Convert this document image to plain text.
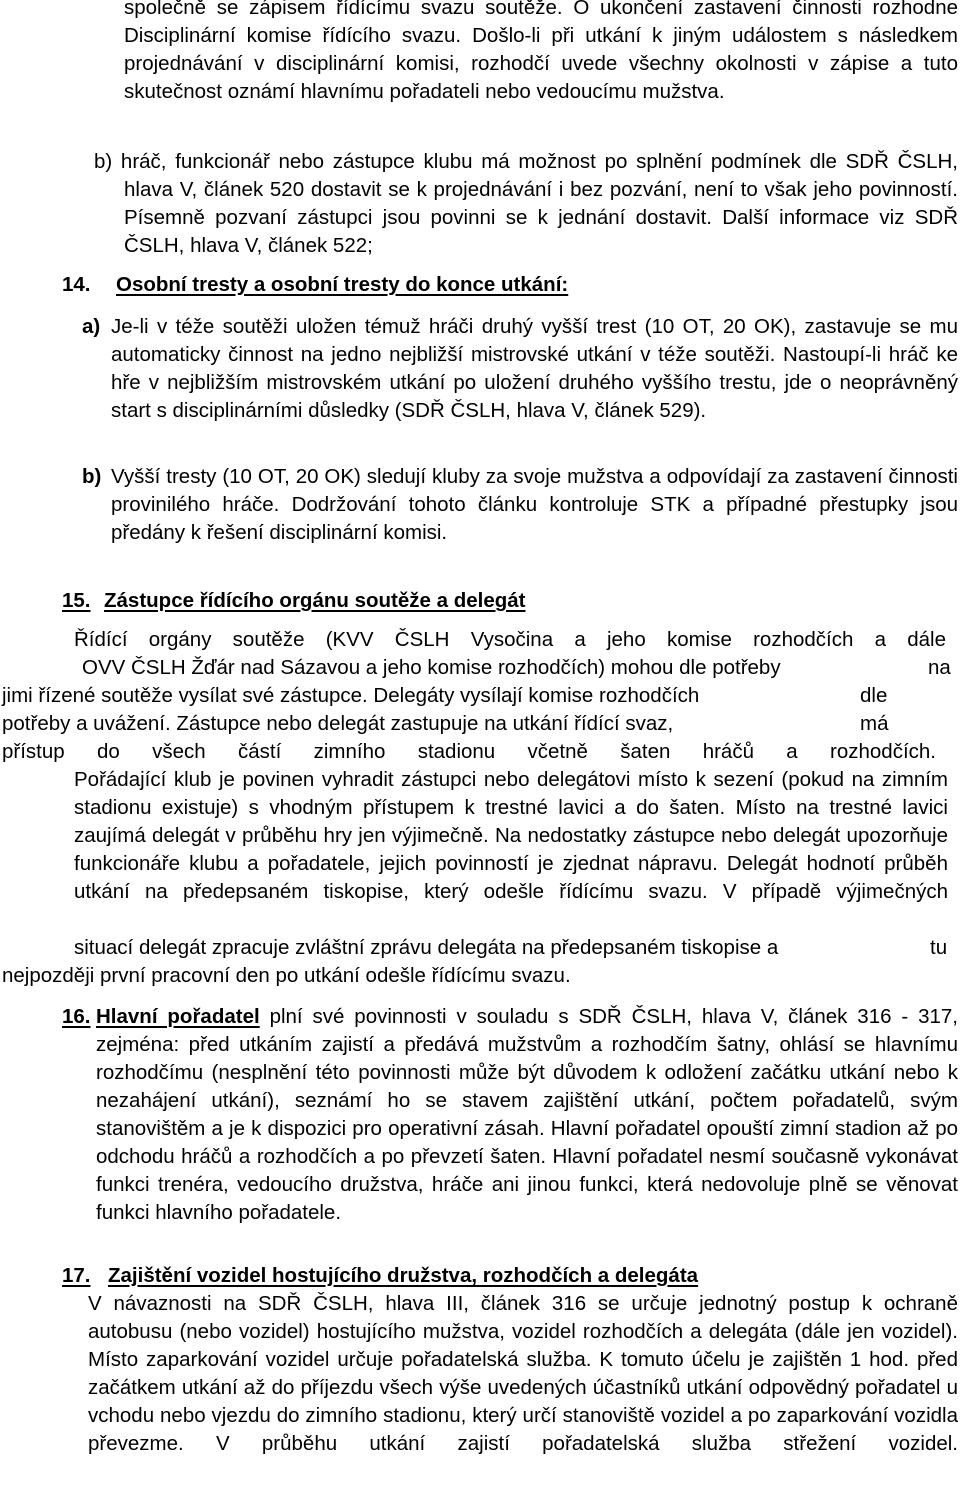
společně se zápisem řídícímu svazu soutěže. O ukončení zastavení činnosti rozhodne Disciplinární komise řídícího svazu. Došlo-li při utkání k jiným událostem s následkem projednávání v disciplinární komisi, rozhodčí uvede všechny okolnosti v zápise a tuto skutečnost oznámí hlavnímu pořadateli nebo vedoucímu mužstva.

b) hráč, funkcionář nebo zástupce klubu má možnost po splnění podmínek dle SDŘ ČSLH, hlava V, článek 520 dostavit se k projednávání i bez pozvání, není to však jeho povinností. Písemně pozvaní zástupci jsou povinni se k jednání dostavit. Další informace viz SDŘ ČSLH, hlava V, článek 522;

14. Osobní tresty a osobní tresty do konce utkání:
a) Je-li v téže soutěži uložen témuž hráči druhý vyšší trest (10 OT, 20 OK), zastavuje se mu automaticky činnost na jedno nejbližší mistrovské utkání v téže soutěži. Nastoupí-li hráč ke hře v nejbližším mistrovském utkání po uložení druhého vyššího trestu, jde o neoprávněný start s disciplinárními důsledky (SDŘ ČSLH, hlava V, článek 529).

b) Vyšší tresty (10 OT, 20 OK) sledují kluby za svoje mužstva a odpovídají za zastavení činnosti provinilého hráče. Dodržování tohoto článku kontroluje STK a případné přestupky jsou předány k řešení disciplinární komisi.

15. Zástupce řídícího orgánu soutěže a delegát
Řídící orgány soutěže (KVV ČSLH Vysočina a jeho komise rozhodčích a dále
OVV ČSLH Žďár nad Sázavou a jeho komise rozhodčích) mohou dle potřeby	na
jimi řízené soutěže vysílat své zástupce. Delegáty vysílají komise rozhodčích	dle
potřeby a uvážení. Zástupce nebo delegát zastupuje na utkání řídící svaz,	má
přístup do všech částí zimního stadionu včetně šaten hráčů a rozhodčích.

Pořádající klub je povinen vyhradit zástupci nebo delegátovi místo k sezení (pokud na zimním stadionu existuje) s vhodným přístupem k trestné lavici a do šaten. Místo na trestné lavici zaujímá delegát v průběhu hry jen výjimečně. Na nedostatky zástupce nebo delegát upozorňuje funkcionáře klubu a pořadatele, jejich povinností je zjednat nápravu. Delegát hodnotí průběh utkání na předepsaném tiskopise, který odešle řídícímu svazu. V případě výjimečných

situací delegát zpracuje zvláštní zprávu delegáta na předepsaném tiskopise a	tu

nejpozději první pracovní den po utkání odešle řídícímu svazu.

16. Hlavní pořadatel plní své povinnosti v souladu s SDŘ ČSLH, hlava V, článek 316 - 317, zejména: před utkáním zajistí a předává mužstvům a rozhodčím šatny, ohlásí se hlavnímu rozhodčímu (nesplnění této povinnosti může být důvodem k odložení začátku utkání nebo k nezahájení utkání), seznámí ho se stavem zajištění utkání, počtem pořadatelů, svým stanovištěm a je k dispozici pro operativní zásah. Hlavní pořadatel opouští zimní stadion až po odchodu hráčů a rozhodčích a po převzetí šaten. Hlavní pořadatel nesmí současně vykonávat funkci trenéra, vedoucího družstva, hráče ani jinou funkci, která nedovoluje plně se věnovat funkci hlavního pořadatele.

17. Zajištění vozidel hostujícího družstva, rozhodčích a delegáta

V návaznosti na SDŘ ČSLH, hlava III, článek 316 se určuje jednotný postup k ochraně autobusu (nebo vozidel) hostujícího mužstva, vozidel rozhodčích a delegáta (dále jen vozidel). Místo zaparkování vozidel určuje pořadatelská služba. K tomuto účelu je zajištěn 1 hod. před začátkem utkání až do příjezdu všech výše uvedených účastníků utkání odpovědný pořadatel u vchodu nebo vjezdu do zimního stadionu, který určí stanoviště vozidel a po zaparkování vozidla převezme. V průběhu utkání zajistí pořadatelská služba střežení vozidel.
